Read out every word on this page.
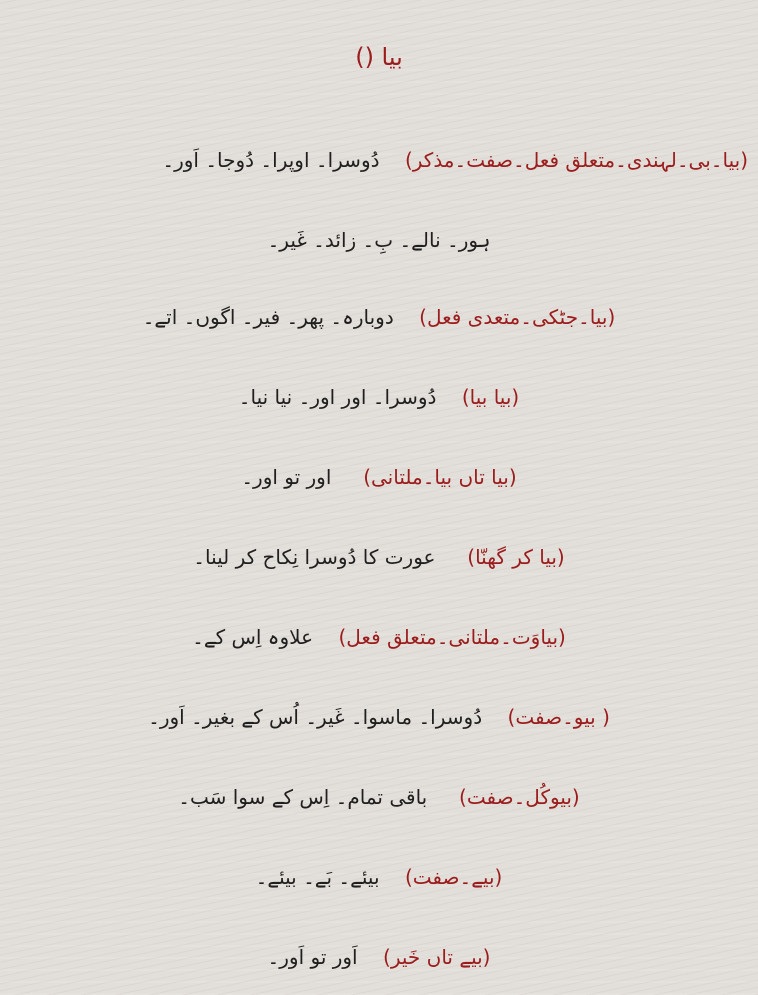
بیا ()
(بیا۔بی۔لہندی۔متعلق فعل۔صفت۔مذکر)    دُوسرا۔ اوپرا۔ دُوجا۔ اَور۔
ہور۔ نالے۔ بِ۔ زائد۔ غَیر۔
(بیا۔جٹکی۔متعدی فعل)    دوبارہ۔ پھر۔ فیر۔ اگوں۔ اتے۔
(بیا بیا)    دُوسرا۔ اور اور۔ نیا نیا۔
(بیا تاں بیا۔ملتانی)     اور تو اور۔
(بیا کر گھنّا)     عورت کا دُوسرا نِکاح کر لینا۔
(بیاوَت۔ملتانی۔متعلق فعل)    علاوہ اِس کے۔
( بیو۔صفت)    دُوسرا۔ ماسوا۔ غَیر۔ اُس کے بغیر۔ اَور۔
(بیوکُل۔صفت)     باقی تمام۔ اِس کے سوا سَب۔
(بیے۔صفت)    بیئے۔ بَے۔ بیئے۔
(بیے تاں خَیر)    اَور تو اَور۔
